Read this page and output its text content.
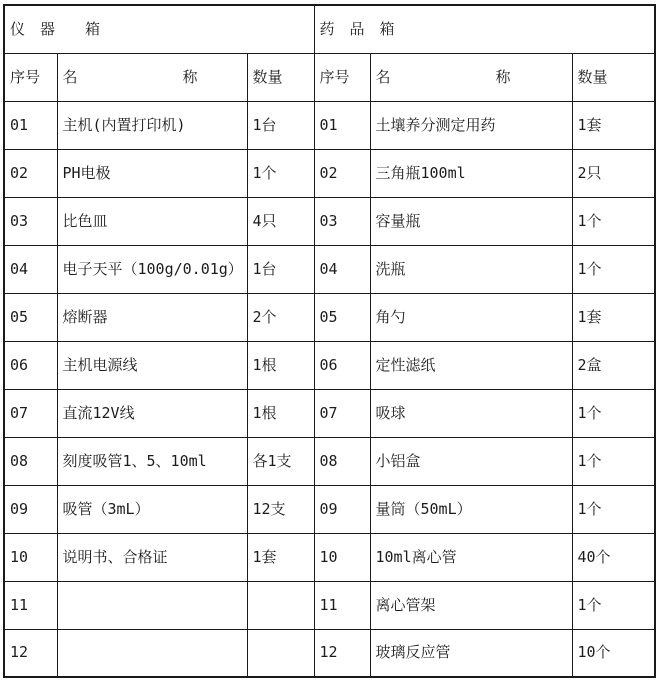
仪　器　　箱			药　品　箱		
序号	名　　　　　　　称	数量	序号	名　　　　　　　称	数量
01	主机(内置打印机)	1台	01	土壤养分测定用药	1套
02	PH电极	1个	02	三角瓶100ml	2只
03	比色皿	4只	03	容量瓶	1个
04	电子天平（100g/0.01g）	1台	04	洗瓶	1个
05	熔断器	2个	05	角勺	1套
06	主机电源线	1根	06	定性滤纸	2盒
07	直流12V线	1根	07	吸球	1个
08	刻度吸管1、5、10ml	各1支	08	小铝盒	1个
09	吸管（3mL）	12支	09	量筒（50mL）	1个
10	说明书、合格证	1套	10	10ml离心管	40个
11			11	离心管架	1个
12			12	玻璃反应管	10个
